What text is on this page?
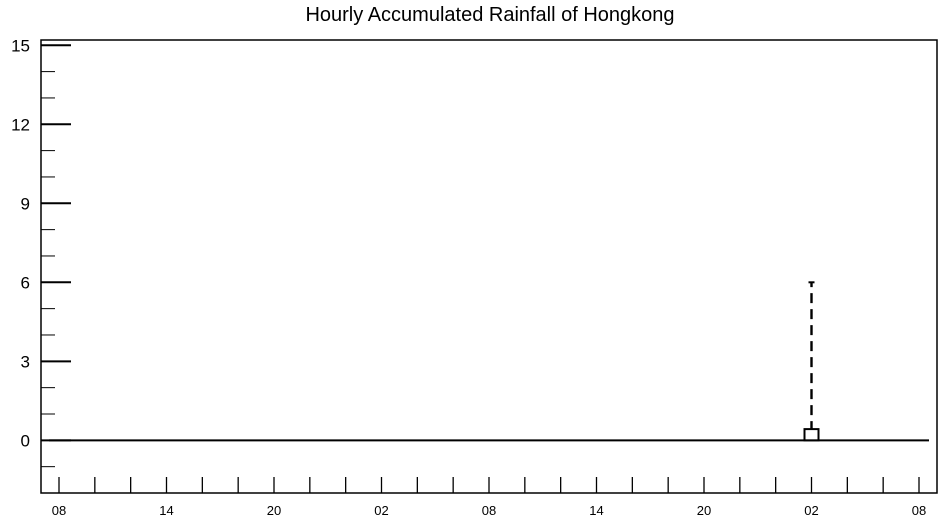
Hourly Accumulated Rainfall of Hongkong
0
3
6
9
12
15
08	14	20	02	08	14	20	02	08
